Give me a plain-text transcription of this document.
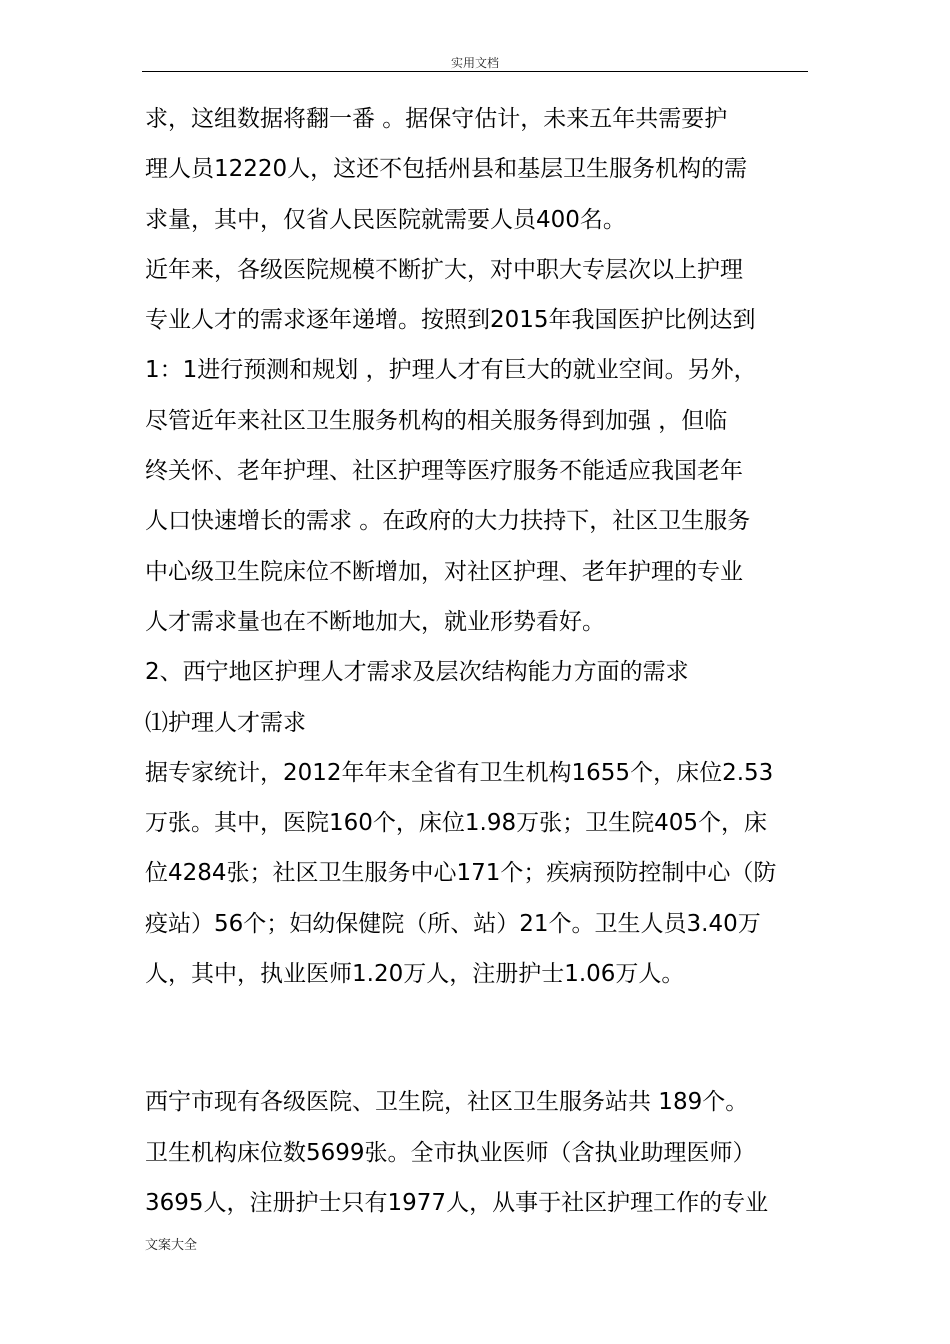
实用文档
求，这组数据将翻一番 。据保守估计，未来五年共需要护
理人员12220人，这还不包括州县和基层卫生服务机构的需
求量，其中，仅省人民医院就需要人员400名。
近年来，各级医院规模不断扩大，对中职大专层次以上护理
专业人才的需求逐年递增。按照到2015年我国医护比例达到
1：1进行预测和规划 ，护理人才有巨大的就业空间。另外，
尽管近年来社区卫生服务机构的相关服务得到加强 ，但临
终关怀、老年护理、社区护理等医疗服务不能适应我国老年
人口快速增长的需求 。在政府的大力扶持下，社区卫生服务
中心级卫生院床位不断增加，对社区护理、老年护理的专业
人才需求量也在不断地加大，就业形势看好。
2、西宁地区护理人才需求及层次结构能力方面的需求
⑴护理人才需求
据专家统计，2012年年末全省有卫生机构1655个，床位2.53
万张。其中，医院160个，床位1.98万张；卫生院405个，床
位4284张；社区卫生服务中心171个；疾病预防控制中心（防
疫站）56个；妇幼保健院（所、站）21个。卫生人员3.40万
人，其中，执业医师1.20万人，注册护士1.06万人。
西宁市现有各级医院、卫生院，社区卫生服务站共 189个。
卫生机构床位数5699张。全市执业医师（含执业助理医师）
3695人，注册护士只有1977人，从事于社区护理工作的专业
文案大全
